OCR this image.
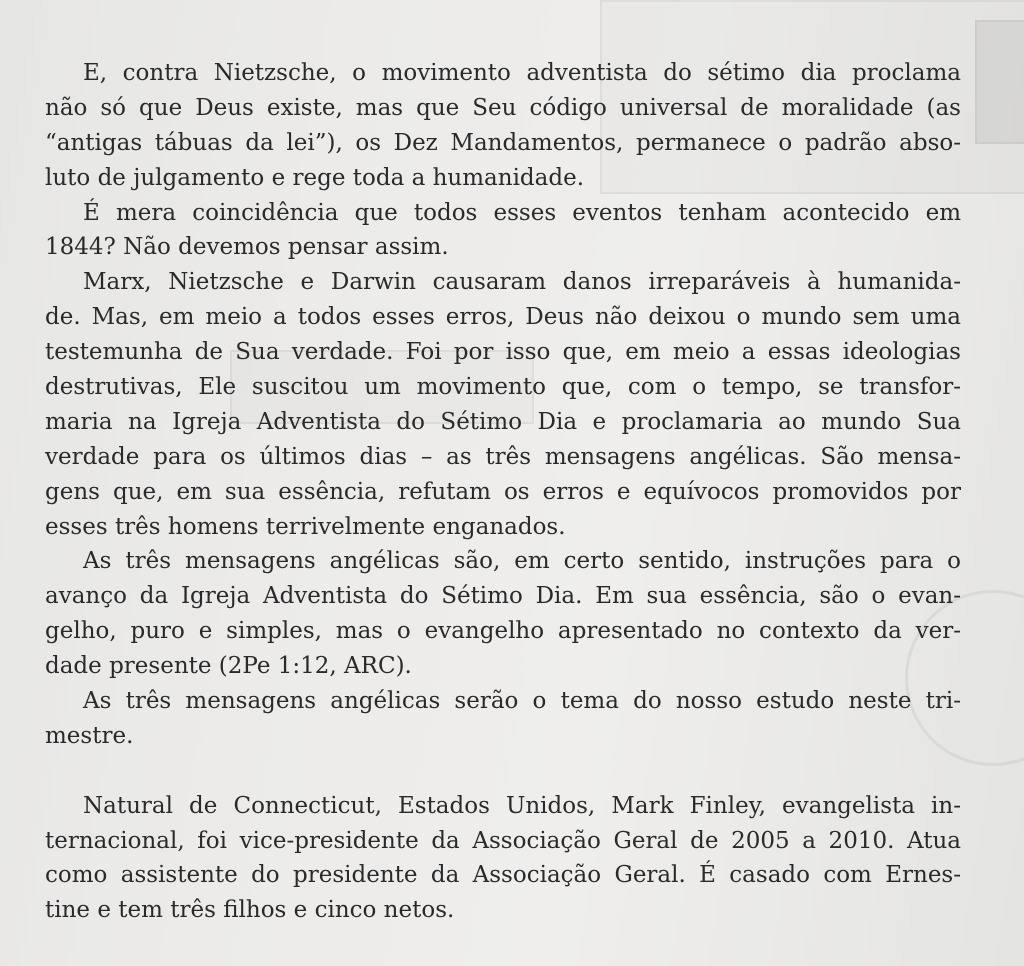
E, contra Nietzsche, o movimento adventista do sétimo dia proclama
não só que Deus existe, mas que Seu código universal de moralidade (as
“antigas tábuas da lei”), os Dez Mandamentos, permanece o padrão abso-
luto de julgamento e rege toda a humanidade.
É mera coincidência que todos esses eventos tenham acontecido em
1844? Não devemos pensar assim.
Marx, Nietzsche e Darwin causaram danos irreparáveis à humanida-
de. Mas, em meio a todos esses erros, Deus não deixou o mundo sem uma
testemunha de Sua verdade. Foi por isso que, em meio a essas ideologias
destrutivas, Ele suscitou um movimento que, com o tempo, se transfor-
maria na Igreja Adventista do Sétimo Dia e proclamaria ao mundo Sua
verdade para os últimos dias – as três mensagens angélicas. São mensa-
gens que, em sua essência, refutam os erros e equívocos promovidos por
esses três homens terrivelmente enganados.
As três mensagens angélicas são, em certo sentido, instruções para o
avanço da Igreja Adventista do Sétimo Dia. Em sua essência, são o evan-
gelho, puro e simples, mas o evangelho apresentado no contexto da ver-
dade presente (2Pe 1:12, ARC).
As três mensagens angélicas serão o tema do nosso estudo neste tri-
mestre.
Natural de Connecticut, Estados Unidos, Mark Finley, evangelista in-
ternacional, foi vice-presidente da Associação Geral de 2005 a 2010. Atua
como assistente do presidente da Associação Geral. É casado com Ernes-
tine e tem três filhos e cinco netos.
